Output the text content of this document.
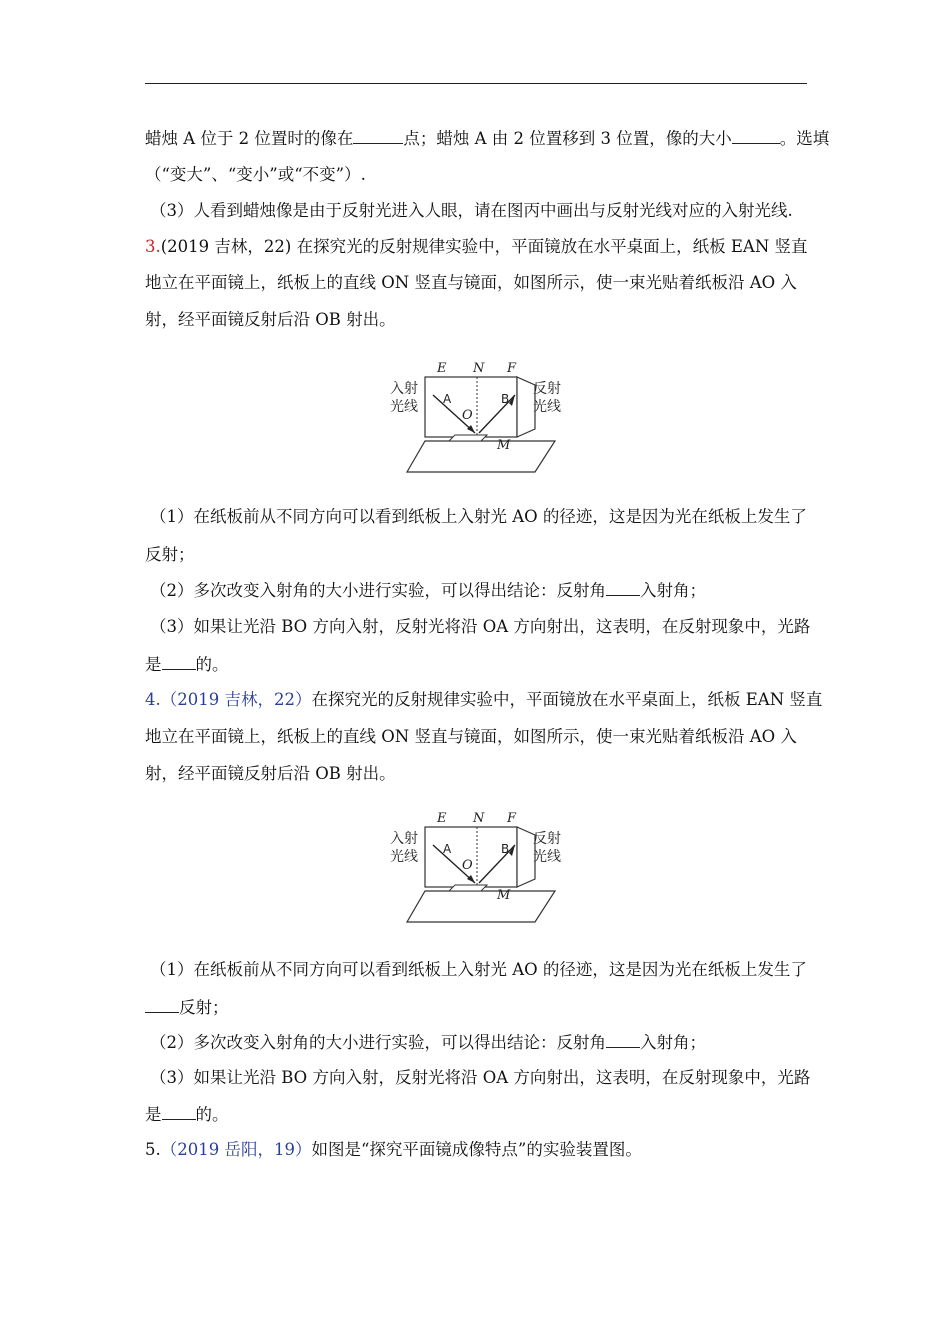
蜡烛 A 位于 2 位置时的像在	点；蜡烛 A 由 2 位置移到 3 位置，像的大小	。选填
（“变大”、“变小”或“不变”）.
（3）人看到蜡烛像是由于反射光进入人眼，请在图丙中画出与反射光线对应的入射光线.
3.(2019 吉林，22) 在探究光的反射规律实验中，平面镜放在水平桌面上，纸板 EAN 竖直
地立在平面镜上，纸板上的直线 ON 竖直与镜面，如图所示，使一束光贴着纸板沿 AO 入
射，经平面镜反射后沿 OB 射出。
E N F
A	B
O
M
入射
光线
反射
光线
（1）在纸板前从不同方向可以看到纸板上入射光 AO 的径迹，这是因为光在纸板上发生了
反射；
（2）多次改变入射角的大小进行实验，可以得出结论：反射角 入射角；
（3）如果让光沿 BO 方向入射，反射光将沿 OA 方向射出，这表明，在反射现象中，光路
是 的。
4.（2019 吉林，22）在探究光的反射规律实验中，平面镜放在水平桌面上，纸板 EAN 竖直
地立在平面镜上，纸板上的直线 ON 竖直与镜面，如图所示，使一束光贴着纸板沿 AO 入
射，经平面镜反射后沿 OB 射出。
E N F
A	B
O
M
入射
光线
反射
光线
（1）在纸板前从不同方向可以看到纸板上入射光 AO 的径迹，这是因为光在纸板上发生了
反射；
（2）多次改变入射角的大小进行实验，可以得出结论：反射角 入射角；
（3）如果让光沿 BO 方向入射，反射光将沿 OA 方向射出，这表明，在反射现象中，光路
是 的。
5.（2019 岳阳，19）如图是“探究平面镜成像特点”的实验装置图。
